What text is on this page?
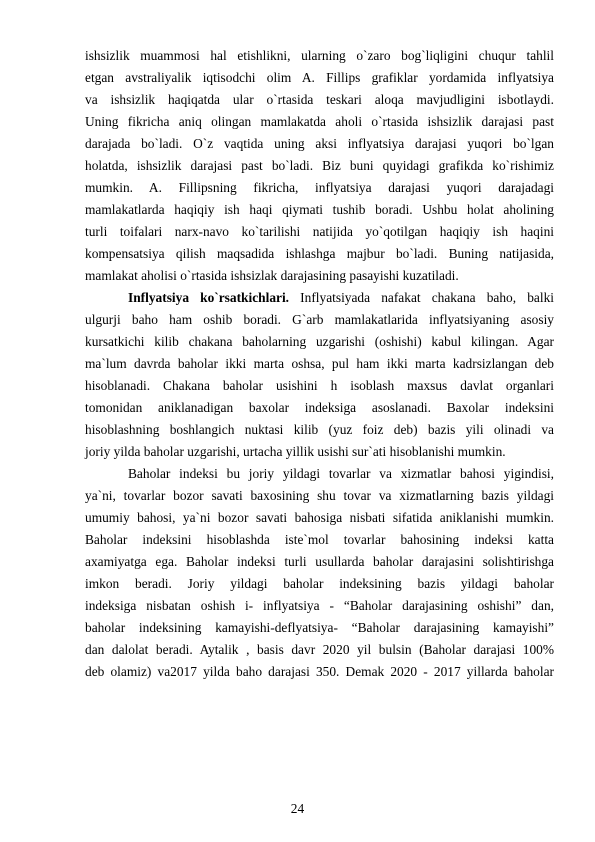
ishsizlik muammosi hal etishlikni, ularning o`zaro bog`liqligini chuqur tahlil
etgan avstraliyalik iqtisodchi olim A. Fillips grafiklar yordamida inflyatsiya
va ishsizlik haqiqatda ular o`rtasida teskari aloqa mavjudligini isbotlaydi.
Uning fikricha aniq olingan mamlakatda aholi o`rtasida ishsizlik darajasi past
darajada bo`ladi. O`z vaqtida uning aksi inflyatsiya darajasi yuqori bo`lgan
holatda, ishsizlik darajasi past bo`ladi. Biz buni quyidagi grafikda ko`rishimiz
mumkin. A. Fillipsning fikricha, inflyatsiya darajasi yuqori darajadagi
mamlakatlarda haqiqiy ish haqi qiymati tushib boradi. Ushbu holat aholining
turli toifalari narx-navo ko`tarilishi natijida yo`qotilgan haqiqiy ish haqini
kompensatsiya qilish maqsadida ishlashga majbur bo`ladi. Buning natijasida,
mamlakat aholisi o`rtasida ishsizlak darajasining pasayishi kuzatiladi.
Inflyatsiya ko`rsatkichlari. Inflyatsiyada nafakat chakana baho, balki
ulgurji baho ham oshib boradi. G`arb mamlakatlarida inflyatsiyaning asosiy
kursatkichi kilib chakana baholarning uzgarishi (oshishi) kabul kilingan. Agar
ma`lum davrda baholar ikki marta oshsa, pul ham ikki marta kadrsizlangan deb
hisoblanadi. Chakana baholar usishini h isoblash maxsus davlat organlari
tomonidan aniklanadigan baxolar indeksiga asoslanadi. Baxolar indeksini
hisoblashning boshlangich nuktasi kilib (yuz foiz deb) bazis yili olinadi va
joriy yilda baholar uzgarishi, urtacha yillik usishi sur`ati hisoblanishi mumkin.
Baholar indeksi bu joriy yildagi tovarlar va xizmatlar bahosi yigindisi,
ya`ni, tovarlar bozor savati baxosining shu tovar va xizmatlarning bazis yildagi
umumiy bahosi, ya`ni bozor savati bahosiga nisbati sifatida aniklanishi mumkin.
Baholar indeksini hisoblashda iste`mol tovarlar bahosining indeksi katta
axamiyatga ega. Baholar indeksi turli usullarda baholar darajasini solishtirishga
imkon beradi. Joriy yildagi baholar indeksining bazis yildagi baholar
indeksiga nisbatan oshish i- inflyatsiya - “Baholar darajasining oshishi” dan,
baholar indeksining kamayishi-deflyatsiya- “Baholar darajasining kamayishi”
dan dalolat beradi. Aytalik , basis davr 2020 yil bulsin (Baholar darajasi 100%
deb olamiz) va2017 yilda baho darajasi 350. Demak 2020 - 2017 yillarda baholar
24
